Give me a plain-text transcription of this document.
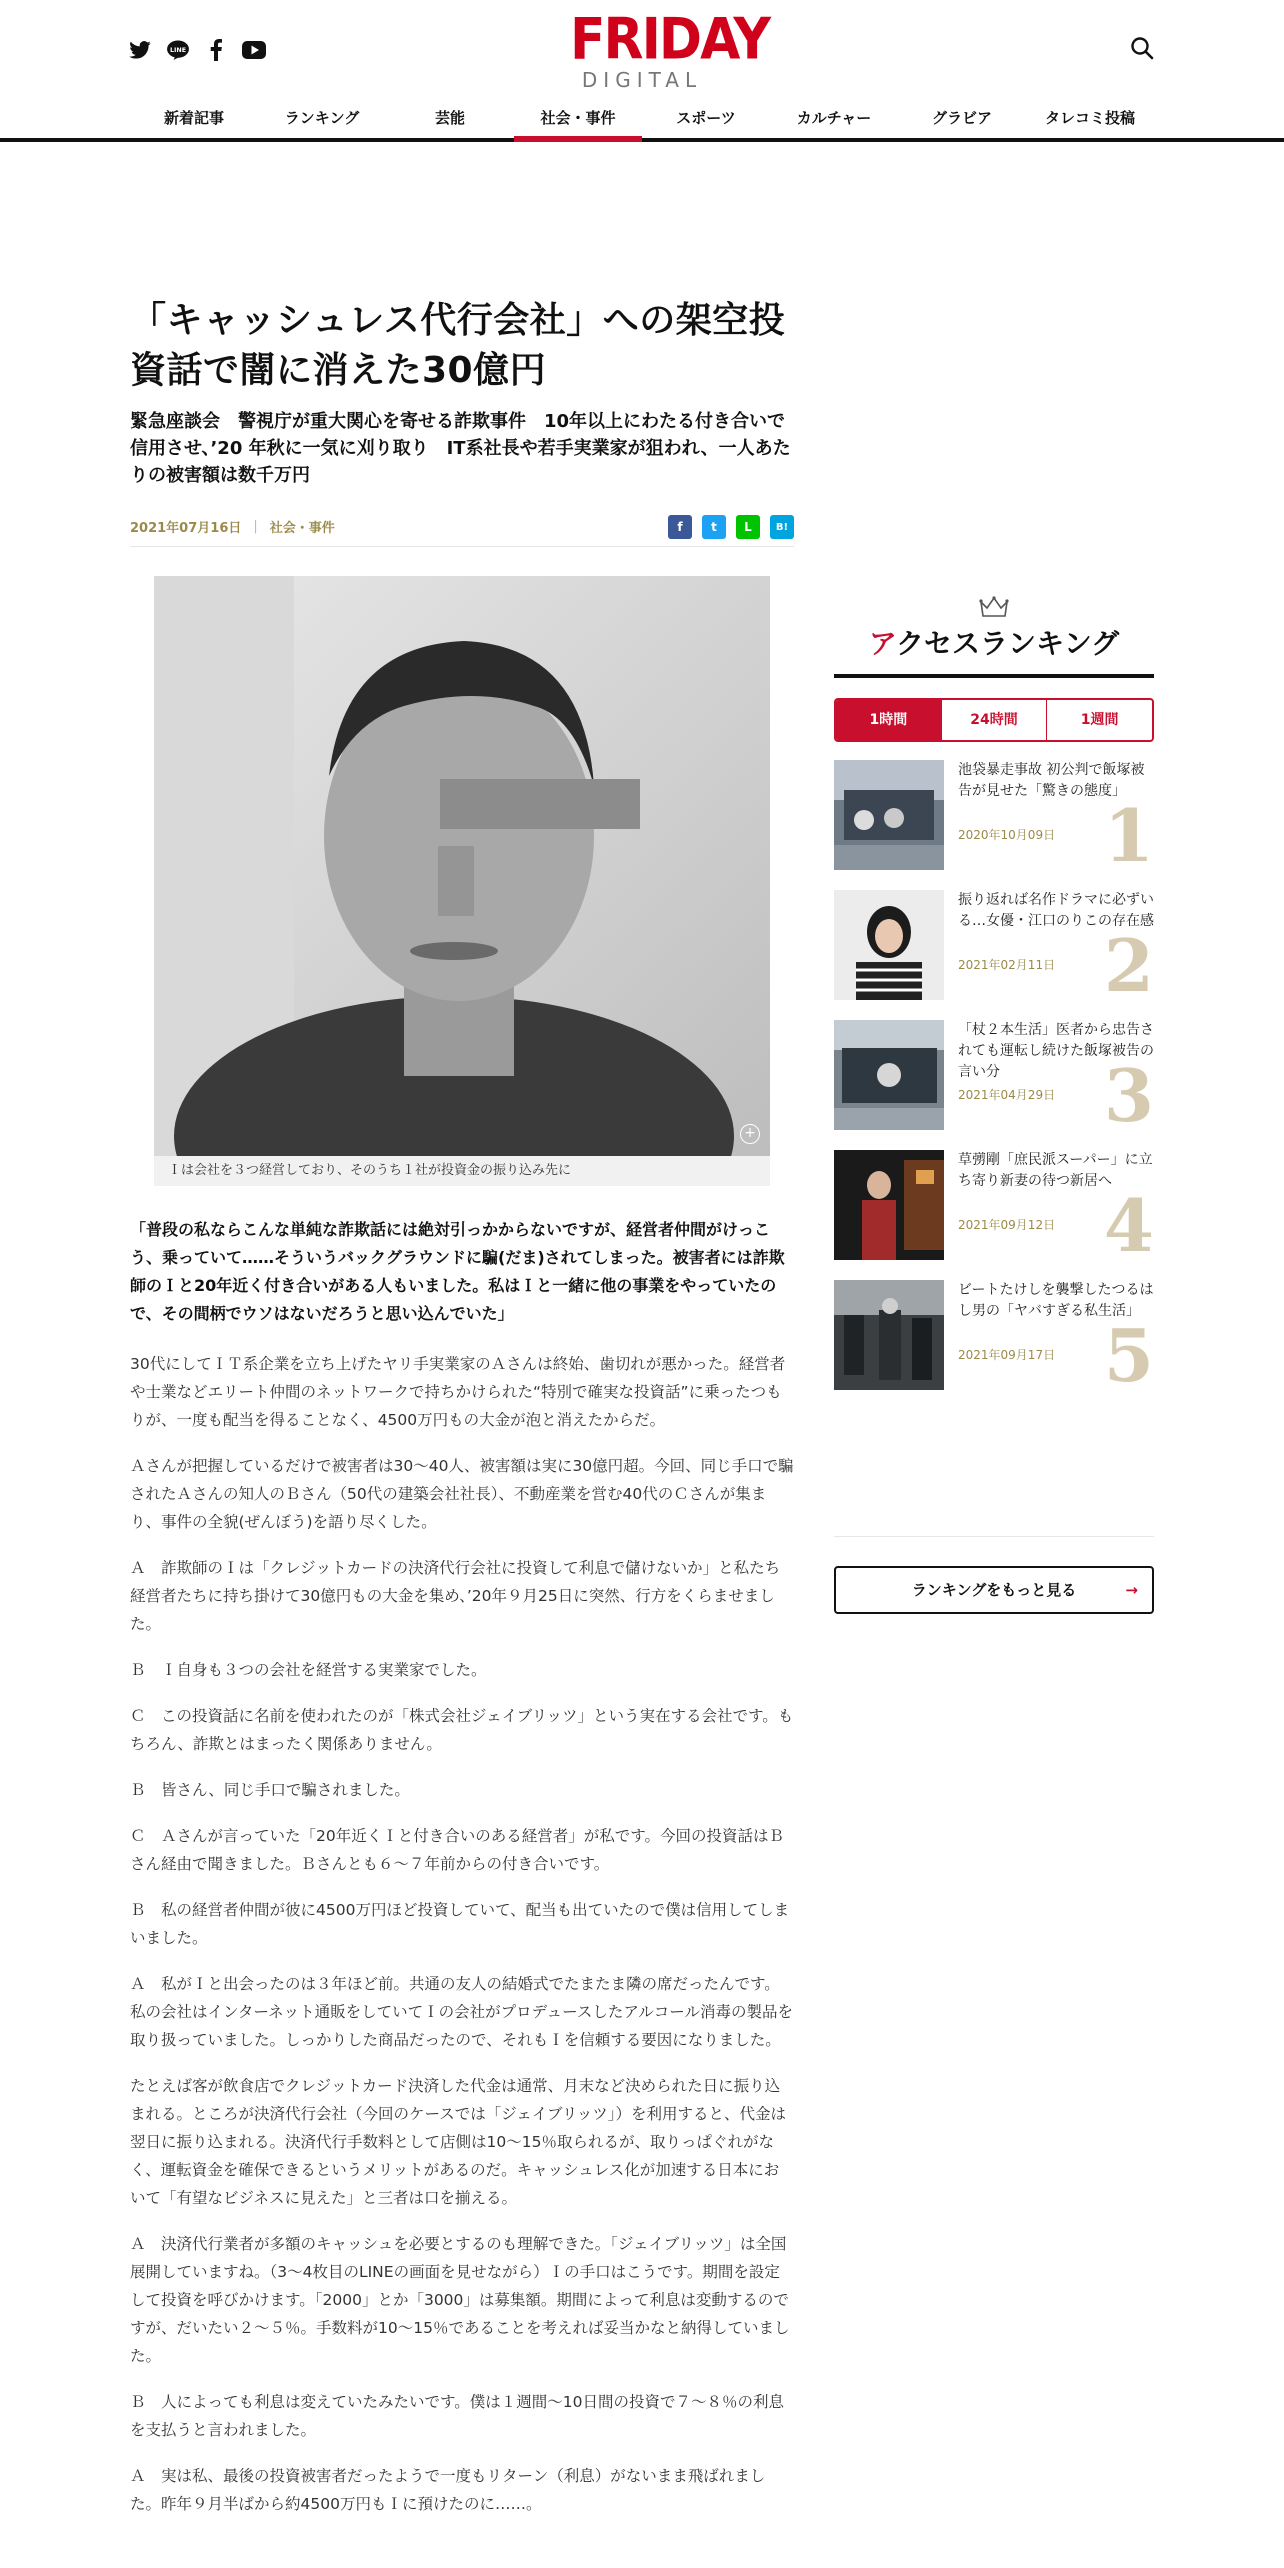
LINE	FRIDAY
DIGITAL
新着記事	ランキング	芸能	社会・事件	スポーツ	カルチャー	グラビア	タレコミ投稿
「キャッシュレス代行会社」への架空投資話で闇に消えた30億円
緊急座談会　警視庁が重大関心を寄せる詐欺事件　10年以上にわたる付き合いで信用させ、’20 年秋に一気に刈り取り　IT系社長や若手実業家が狙われ、一人あたりの被害額は数千万円
2021年07月16日 | 社会・事件	f	t	L	B!
+
Ｉは会社を３つ経営しており、そのうち１社が投資金の振り込み先に

「普段の私ならこんな単純な詐欺話には絶対引っかからないですが、経営者仲間がけっこう、乗っていて……そういうバックグラウンドに騙(だま)されてしまった。被害者には詐欺師のＩと20年近く付き合いがある人もいました。私はＩと一緒に他の事業をやっていたので、その間柄でウソはないだろうと思い込んでいた」

30代にしてＩＴ系企業を立ち上げたヤリ手実業家のＡさんは終始、歯切れが悪かった。経営者や士業などエリート仲間のネットワークで持ちかけられた“特別で確実な投資話”に乗ったつもりが、一度も配当を得ることなく、4500万円もの大金が泡と消えたからだ。

Ａさんが把握しているだけで被害者は30〜40人、被害額は実に30億円超。今回、同じ手口で騙されたＡさんの知人のＢさん（50代の建築会社社長）、不動産業を営む40代のＣさんが集まり、事件の全貌(ぜんぼう)を語り尽くした。

Ａ　詐欺師のＩは「クレジットカードの決済代行会社に投資して利息で儲けないか」と私たち経営者たちに持ち掛けて30億円もの大金を集め、’20年９月25日に突然、行方をくらませました。

Ｂ　Ｉ自身も３つの会社を経営する実業家でした。

Ｃ　この投資話に名前を使われたのが「株式会社ジェイブリッツ」という実在する会社です。もちろん、詐欺とはまったく関係ありません。

Ｂ　皆さん、同じ手口で騙されました。

Ｃ　Ａさんが言っていた「20年近くＩと付き合いのある経営者」が私です。今回の投資話はＢさん経由で聞きました。Ｂさんとも６〜７年前からの付き合いです。

Ｂ　私の経営者仲間が彼に4500万円ほど投資していて、配当も出ていたので僕は信用してしまいました。

Ａ　私がＩと出会ったのは３年ほど前。共通の友人の結婚式でたまたま隣の席だったんです。私の会社はインターネット通販をしていてＩの会社がプロデュースしたアルコール消毒の製品を取り扱っていました。しっかりした商品だったので、それもＩを信頼する要因になりました。

たとえば客が飲食店でクレジットカード決済した代金は通常、月末など決められた日に振り込まれる。ところが決済代行会社（今回のケースでは「ジェイブリッツ」）を利用すると、代金は翌日に振り込まれる。決済代行手数料として店側は10〜15％取られるが、取りっぱぐれがなく、運転資金を確保できるというメリットがあるのだ。キャッシュレス化が加速する日本において「有望なビジネスに見えた」と三者は口を揃える。

Ａ　決済代行業者が多額のキャッシュを必要とするのも理解できた。「ジェイブリッツ」は全国展開していますね。（3〜4枚目のLINEの画面を見せながら）Ｉの手口はこうです。期間を設定して投資を呼びかけます。「2000」とか「3000」は募集額。期間によって利息は変動するのですが、だいたい２〜５％。手数料が10〜15％であることを考えれば妥当かなと納得していました。

Ｂ　人によっても利息は変えていたみたいです。僕は１週間〜10日間の投資で７〜８％の利息を支払うと言われました。

Ａ　実は私、最後の投資被害者だったようで一度もリターン（利息）がないまま飛ばれました。昨年９月半ばから約4500万円もＩに預けたのに……。

アクセスランキング
1時間	24時間	1週間
池袋暴走事故 初公判で飯塚被告が見せた「驚きの態度」
2020年10月09日 1
振り返れば名作ドラマに必ずいる…女優・江口のりこの存在感
2021年02月11日 2
「杖２本生活」医者から忠告されても運転し続けた飯塚被告の言い分
2021年04月29日 3
草彅剛「庶民派スーパー」に立ち寄り新妻の待つ新居へ
2021年09月12日 4
ビートたけしを襲撃したつるはし男の「ヤバすぎる私生活」
2021年09月17日 5
ランキングをもっと見る	→
